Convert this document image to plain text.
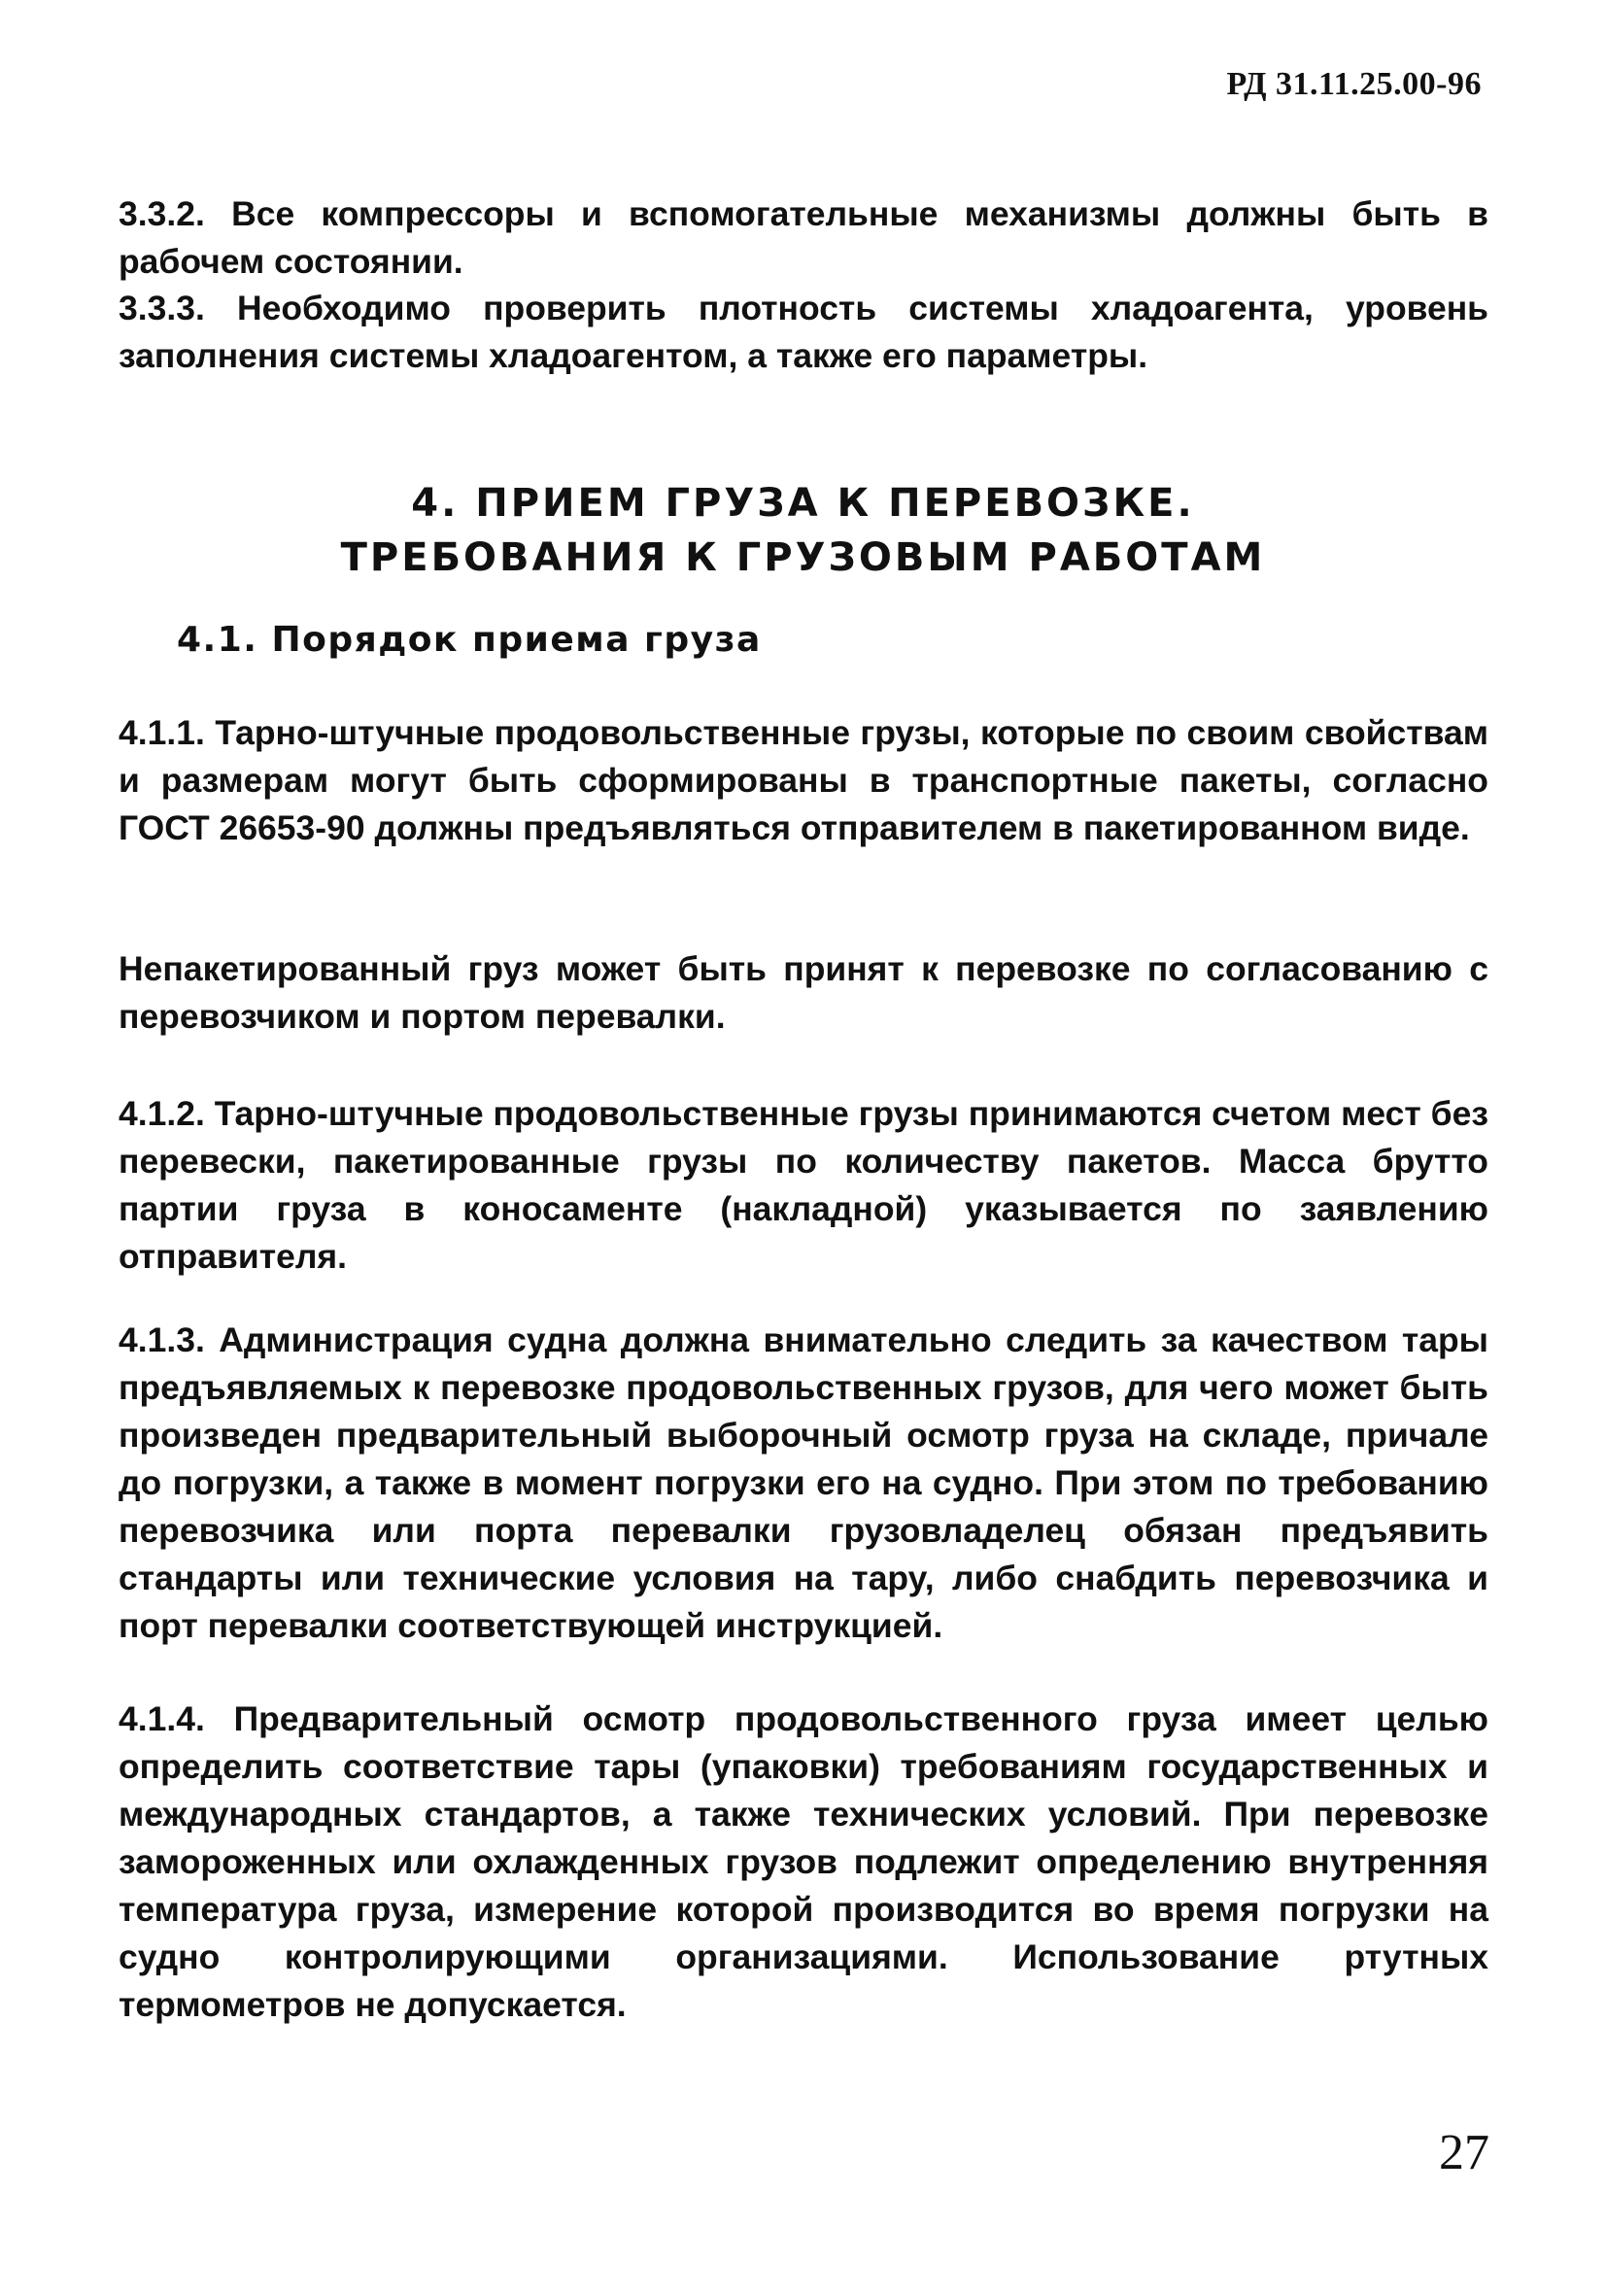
РД 31.11.25.00-96

3.3.2. Все компрессоры и вспомогательные механизмы должны быть в рабочем состоянии.

3.3.3. Необходимо проверить плотность системы хладоагента, уровень заполнения системы хладоагентом, а также его параметры.

4. ПРИЕМ ГРУЗА К ПЕРЕВОЗКЕ.
ТРЕБОВАНИЯ К ГРУЗОВЫМ РАБОТАМ
4.1. Порядок приема груза

4.1.1. Тарно-штучные продовольственные грузы, которые по своим свойствам и размерам могут быть сформированы в транспортные пакеты, согласно ГОСТ 26653-90 должны предъявляться отправителем в пакетированном виде.

Непакетированный груз может быть принят к перевозке по согласованию с перевозчиком и портом перевалки.

4.1.2. Тарно-штучные продовольственные грузы принимаются счетом мест без перевески, пакетированные грузы по количеству пакетов. Масса брутто партии груза в коносаменте (накладной) указывается по заявлению отправителя.

4.1.3. Администрация судна должна внимательно следить за качеством тары предъявляемых к перевозке продовольственных грузов, для чего может быть произведен предварительный выборочный осмотр груза на складе, причале до погрузки, а также в момент погрузки его на судно. При этом по требованию перевозчика или порта перевалки грузовладелец обязан предъявить стандарты или технические условия на тару, либо снабдить перевозчика и порт перевалки соответствующей инструкцией.

4.1.4. Предварительный осмотр продовольственного груза имеет целью определить соответствие тары (упаковки) требованиям государственных и международных стандартов, а также технических условий. При перевозке замороженных или охлажденных грузов подлежит определению внутренняя температура груза, измерение которой производится во время погрузки на судно контролирующими организациями. Использование ртутных термометров не допускается.

27
